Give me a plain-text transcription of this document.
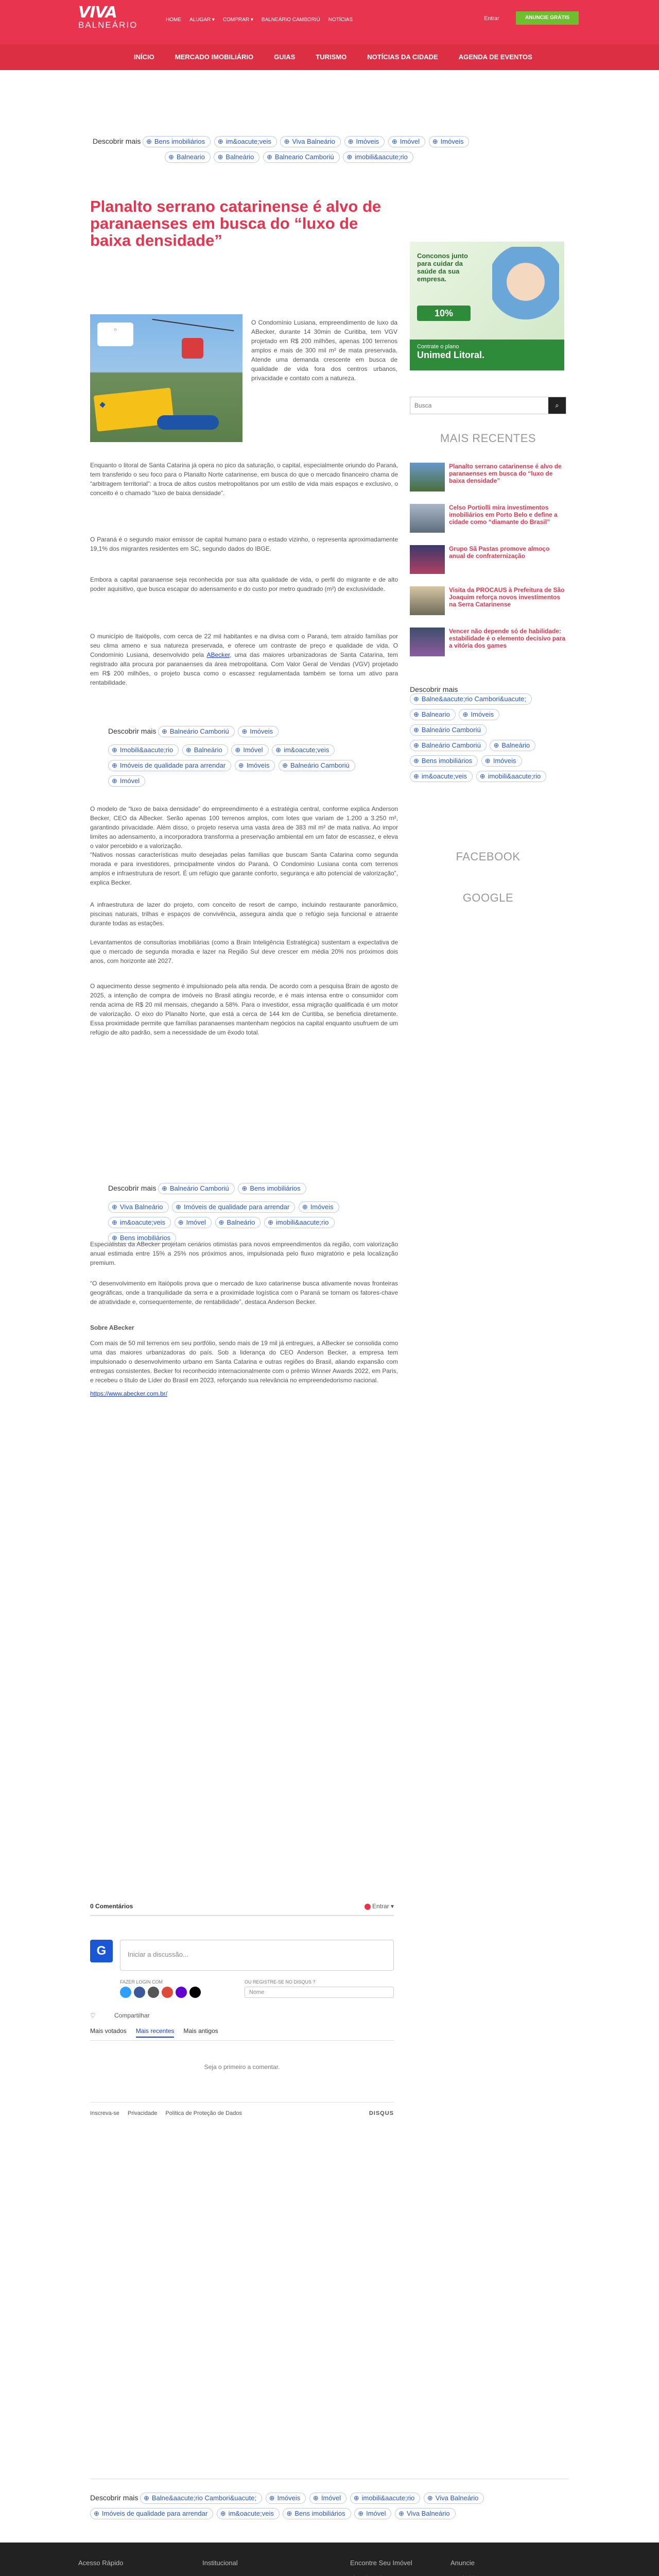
VIVA
BALNEÁRIO
HOME ALUGAR ▾ COMPRAR ▾ BALNEÁRIO CAMBORIÚ NOTÍCIAS	Entrar	ANUNCIE GRÁTIS
INÍCIO	MERCADO IMOBILIÁRIO	GUIAS	TURISMO	NOTÍCIAS DA CIDADE	AGENDA DE EVENTOS
Descobrir mais ⊕ Bens imobiliários	⊕ im&oacute;veis	⊕ Viva Balneário	⊕ Imóveis	⊕ Imóvel	⊕ Imóveis
⊕ Balneario	⊕ Balneário	⊕ Balneario Camboriú	⊕ imobili&aacute;rio
Planalto serrano catarinense é alvo de paranaenses em busca do “luxo de baixa densidade”
☼
◆

O Condomínio Lusiana, empreendimento de luxo da ABecker, durante 14 30min de Curitiba, tem VGV projetado em R$ 200 milhões, apenas 100 terrenos amplos e mais de 300 mil m² de mata preservada. Atende uma demanda crescente em busca de qualidade de vida fora dos centros urbanos, privacidade e contato com a natureza.

Enquanto o litoral de Santa Catarina já opera no pico da saturação, o capital, especialmente oriundo do Paraná, tem transferido o seu foco para o Planalto Norte catarinense, em busca do que o mercado financeiro chama de “arbitragem territorial”: a troca de altos custos metropolitanos por um estilo de vida mais espaços e exclusivo, o conceito é o chamado “luxo de baixa densidade”.

O Paraná é o segundo maior emissor de capital humano para o estado vizinho, o representa aproximadamente 19,1% dos migrantes residentes em SC, segundo dados do IBGE.

Embora a capital paranaense seja reconhecida por sua alta qualidade de vida, o perfil do migrante e de alto poder aquisitivo, que busca escapar do adensamento e do custo por metro quadrado (m²) de exclusividade.

O município de Itaiópolis, com cerca de 22 mil habitantes e na divisa com o Paraná, tem atraído famílias por seu clima ameno e sua natureza preservada, e oferece um contraste de preço e qualidade de vida. O Condomínio Lusiana, desenvolvido pela ABecker, uma das maiores urbanizadoras de Santa Catarina, tem registrado alta procura por paranaenses da área metropolitana. Com Valor Geral de Vendas (VGV) projetado em R$ 200 milhões, o projeto busca como o escassez regulamentada também se torna um ativo para rentabilidade.

Descobrir mais ⊕ Balneário Camboriú	⊕ Imóveis
⊕ Imobili&aacute;rio	⊕ Balneário	⊕ Imóvel	⊕ im&oacute;veis ⊕ Imóveis de qualidade para arrendar	⊕ Imóveis	⊕ Balneário Camboriú ⊕ Imóvel

O modelo de “luxo de baixa densidade” do empreendimento é a estratégia central, conforme explica Anderson Becker, CEO da ABecker. Serão apenas 100 terrenos amplos, com lotes que variam de 1.200 a 3.250 m², garantindo privacidade. Além disso, o projeto reserva uma vasta área de 383 mil m² de mata nativa. Ao impor limites ao adensamento, a incorporadora transforma a preservação ambiental em um fator de escassez, e eleva o valor percebido e a valorização.

“Nativos nossas características muito desejadas pelas famílias que buscam Santa Catarina como segunda morada e para investidores, principalmente vindos do Paraná. O Condomínio Lusiana conta com terrenos amplos e infraestrutura de resort. É um refúgio que garante conforto, segurança e alto potencial de valorização”, explica Becker.

A infraestrutura de lazer do projeto, com conceito de resort de campo, incluindo restaurante panorâmico, piscinas naturais, trilhas e espaços de convivência, assegura ainda que o refúgio seja funcional e atraente durante todas as estações.

Levantamentos de consultorias imobiliárias (como a Brain Inteligência Estratégica) sustentam a expectativa de que o mercado de segunda moradia e lazer na Região Sul deve crescer em média 20% nos próximos dois anos, com horizonte até 2027.

O aquecimento desse segmento é impulsionado pela alta renda. De acordo com a pesquisa Brain de agosto de 2025, a intenção de compra de imóveis no Brasil atingiu recorde, e é mais intensa entre o consumidor com renda acima de R$ 20 mil mensais, chegando a 58%. Para o investidor, essa migração qualificada é um motor de valorização. O eixo do Planalto Norte, que está a cerca de 144 km de Curitiba, se beneficia diretamente. Essa proximidade permite que famílias paranaenses mantenham negócios na capital enquanto usufruem de um refúgio de alto padrão, sem a necessidade de um êxodo total.

Descobrir mais ⊕ Balneário Camboriú	⊕ Bens imobiliários
⊕ Viva Balneário	⊕ Imóveis de qualidade para arrendar	⊕ Imóveis ⊕ im&oacute;veis	⊕ Imóvel	⊕ Balneário	⊕ imobili&aacute;rio ⊕ Bens imobiliários

Especialistas da ABecker projetam cenários otimistas para novos empreendimentos da região, com valorização anual estimada entre 15% a 25% nos próximos anos, impulsionada pelo fluxo migratório e pela localização premium.

“O desenvolvimento em Itaiópolis prova que o mercado de luxo catarinense busca ativamente novas fronteiras geográficas, onde a tranquilidade da serra e a proximidade logística com o Paraná se tornam os fatores-chave de atratividade e, consequentemente, de rentabilidade”, destaca Anderson Becker.

Sobre ABecker

Com mais de 50 mil terrenos em seu portfólio, sendo mais de 19 mil já entregues, a ABecker se consolida como uma das maiores urbanizadoras do país. Sob a liderança do CEO Anderson Becker, a empresa tem impulsionado o desenvolvimento urbano em Santa Catarina e outras regiões do Brasil, aliando expansão com entregas consistentes. Becker foi reconhecido internacionalmente com o prêmio Winner Awards 2022, em Paris, e recebeu o título de Líder do Brasil em 2023, reforçando sua relevância no empreendedorismo nacional.

https://www.abecker.com.br/
Conconos junto para cuidar da saúde da sua empresa.
10%
Contrate o plano
Unimed Litoral.
Busca
⌕
MAIS RECENTES
Planalto serrano catarinense é alvo de paranaenses em busca do “luxo de baixa densidade”
Celso Portiolli mira investimentos imobiliários em Porto Belo e define a cidade como “diamante do Brasil”
Grupo Sã Pastas promove almoço anual de confraternização
Visita da PROCAUS à Prefeitura de São Joaquim reforça novos investimentos na Serra Catarinense
Vencer não depende só de habilidade: estabilidade é o elemento decisivo para a vitória dos games
Descobrir mais ⊕ Balne&aacute;rio Cambori&uacute; ⊕ Balneario	⊕ Imóveis ⊕ Balneário Camboriú ⊕ Balneário Camboriú	⊕ Balneário ⊕ Bens imobiliários	⊕ Imóveis ⊕ im&oacute;veis	⊕ imobili&aacute;rio
FACEBOOK
GOOGLE
0 Comentários	Entrar ▾
G	Iniciar a discussão...
FAZER LOGIN COM	OU REGISTRE-SE NO DISQUS ?
Nome
♡	Compartilhar
Mais votados Mais recentes Mais antigos
Seja o primeiro a comentar.
Inscreva-se Privacidade Política de Proteção de Dados	DISQUS
Descobrir mais ⊕ Balne&aacute;rio Cambori&uacute;	⊕ Imóveis	⊕ Imóvel	⊕ imobili&aacute;rio	⊕ Viva Balneário
⊕ Imóveis de qualidade para arrendar	⊕ im&oacute;veis	⊕ Bens imobiliários	⊕ Imóvel	⊕ Viva Balneário
Acesso Rápido	Institucional	Encontre Seu Imóvel	Anuncie
